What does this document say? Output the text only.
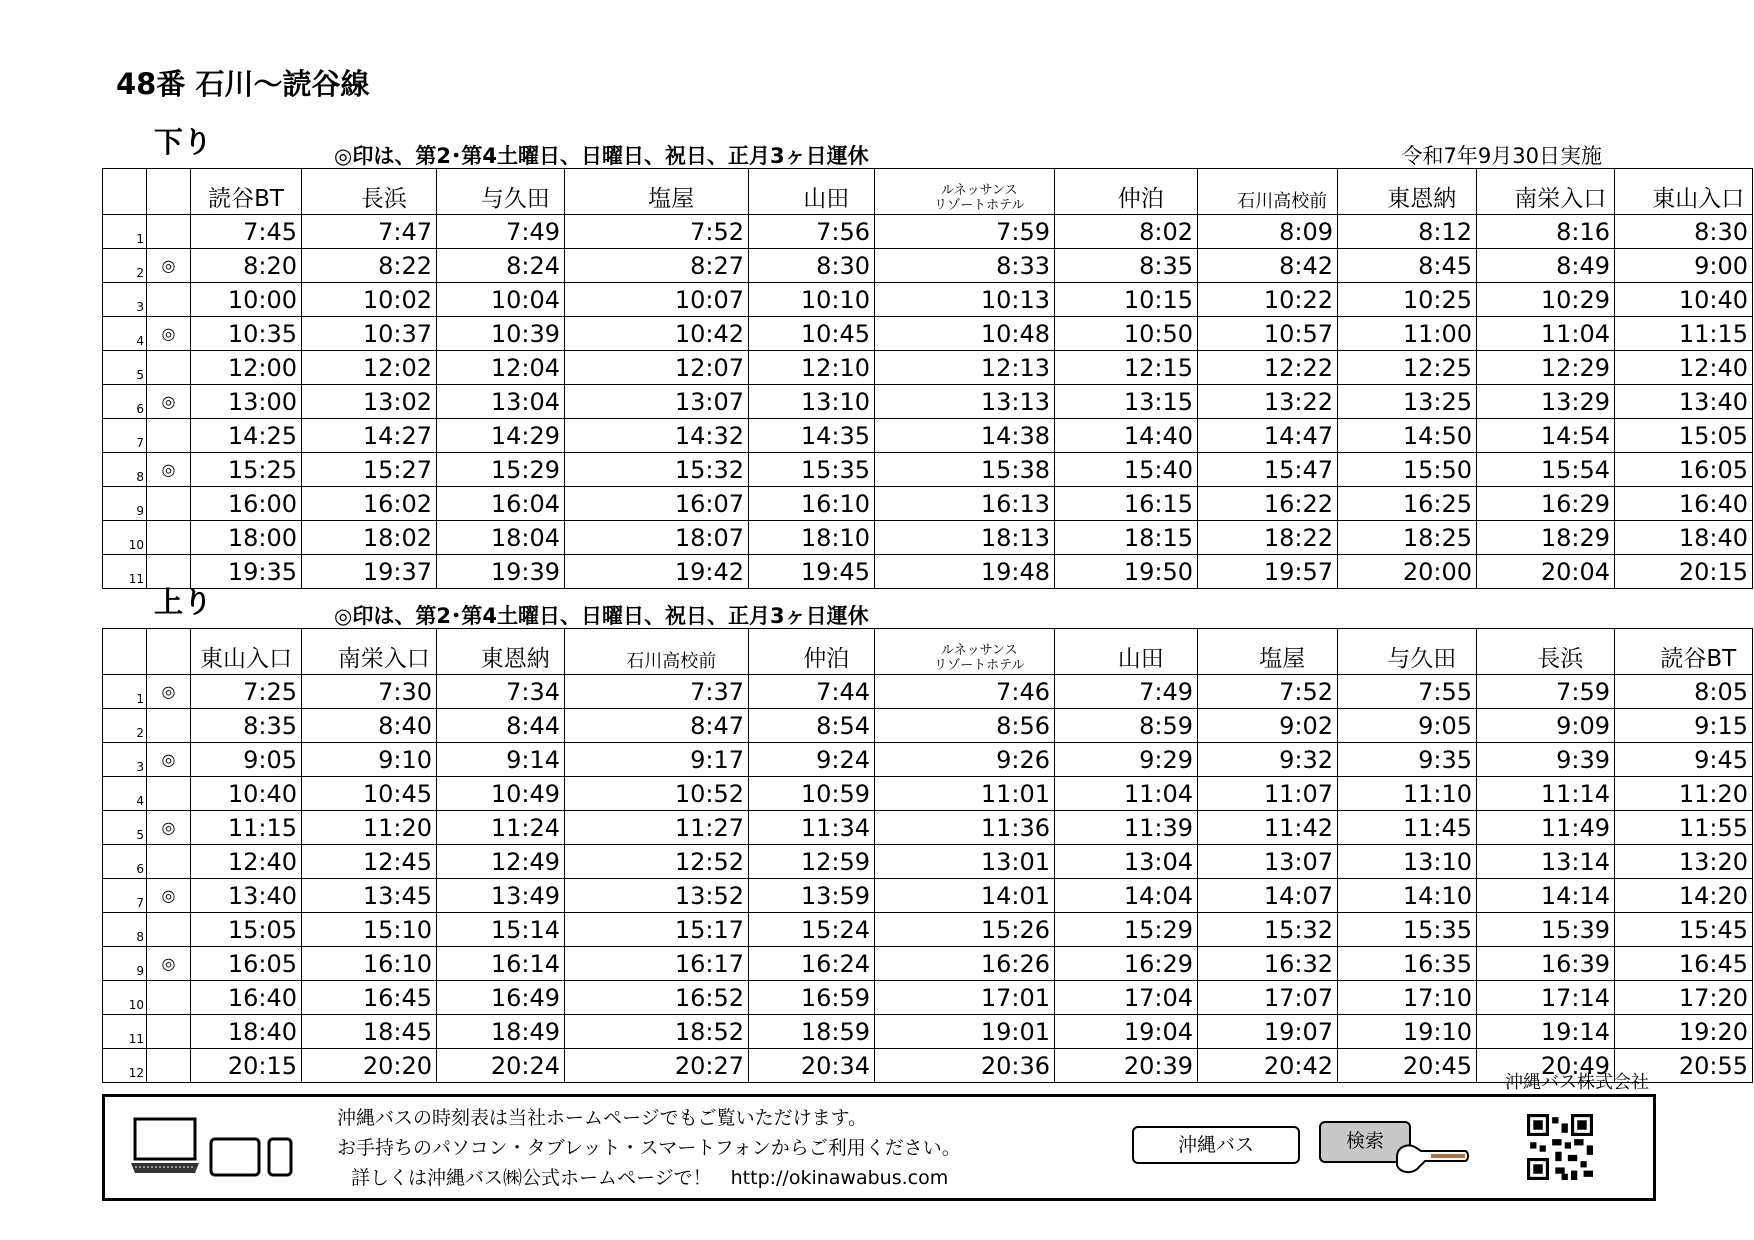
48番 石川～読谷線
下り	◎印は、第2･第4土曜日、日曜日、祝日、正月3ヶ日運休	令和7年9月30日実施
		読谷BT		長浜		与久田		塩屋		山田		ルネッサンス
リゾートホテル		仲泊		石川高校前		東恩納		南栄入口		東山入口
1		7:45		7:47		7:49		7:52		7:56		7:59		8:02		8:09		8:12		8:16		8:30
2	◎	8:20		8:22		8:24		8:27		8:30		8:33		8:35		8:42		8:45		8:49		9:00
3		10:00		10:02		10:04		10:07		10:10		10:13		10:15		10:22		10:25		10:29		10:40
4	◎	10:35		10:37		10:39		10:42		10:45		10:48		10:50		10:57		11:00		11:04		11:15
5		12:00		12:02		12:04		12:07		12:10		12:13		12:15		12:22		12:25		12:29		12:40
6	◎	13:00		13:02		13:04		13:07		13:10		13:13		13:15		13:22		13:25		13:29		13:40
7		14:25		14:27		14:29		14:32		14:35		14:38		14:40		14:47		14:50		14:54		15:05
8	◎	15:25		15:27		15:29		15:32		15:35		15:38		15:40		15:47		15:50		15:54		16:05
9		16:00		16:02		16:04		16:07		16:10		16:13		16:15		16:22		16:25		16:29		16:40
10		18:00		18:02		18:04		18:07		18:10		18:13		18:15		18:22		18:25		18:29		18:40
11		19:35		19:37		19:39		19:42		19:45		19:48		19:50		19:57		20:00		20:04		20:15
上り	◎印は、第2･第4土曜日、日曜日、祝日、正月3ヶ日運休
		東山入口		南栄入口		東恩納		石川高校前		仲泊		ルネッサンス
リゾートホテル		山田		塩屋		与久田		長浜		読谷BT
1	◎	7:25		7:30		7:34		7:37		7:44		7:46		7:49		7:52		7:55		7:59		8:05
2		8:35		8:40		8:44		8:47		8:54		8:56		8:59		9:02		9:05		9:09		9:15
3	◎	9:05		9:10		9:14		9:17		9:24		9:26		9:29		9:32		9:35		9:39		9:45
4		10:40		10:45		10:49		10:52		10:59		11:01		11:04		11:07		11:10		11:14		11:20
5	◎	11:15		11:20		11:24		11:27		11:34		11:36		11:39		11:42		11:45		11:49		11:55
6		12:40		12:45		12:49		12:52		12:59		13:01		13:04		13:07		13:10		13:14		13:20
7	◎	13:40		13:45		13:49		13:52		13:59		14:01		14:04		14:07		14:10		14:14		14:20
8		15:05		15:10		15:14		15:17		15:24		15:26		15:29		15:32		15:35		15:39		15:45
9	◎	16:05		16:10		16:14		16:17		16:24		16:26		16:29		16:32		16:35		16:39		16:45
10		16:40		16:45		16:49		16:52		16:59		17:01		17:04		17:07		17:10		17:14		17:20
11		18:40		18:45		18:49		18:52		18:59		19:01		19:04		19:07		19:10		19:14		19:20
12		20:15		20:20		20:24		20:27		20:34		20:36		20:39		20:42		20:45		20:49		20:55
沖縄バス株式会社
沖縄バスの時刻表は当社ホームページでもご覧いただけます。
お手持ちのパソコン・タブレット・スマートフォンからご利用ください。
詳しくは沖縄バス㈱公式ホームページで！　http://okinawabus.com
沖縄バス	検索
